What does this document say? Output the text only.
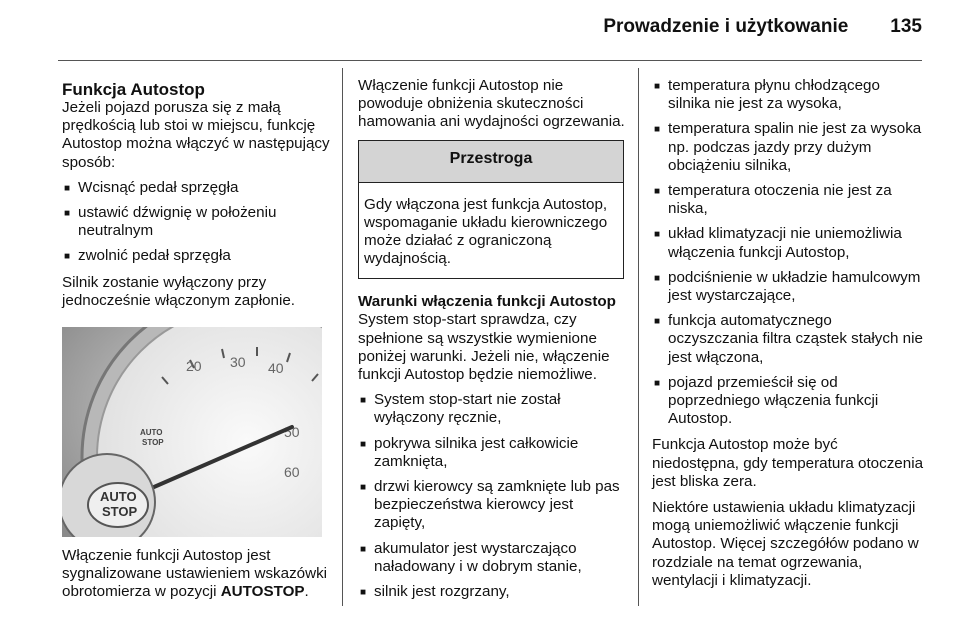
Prowadzenie i użytkowanie 135
Funkcja Autostop

Jeżeli pojazd porusza się z małą prędkością lub stoi w miejscu, funkcję Autostop można włączyć w następujący sposób:

■ Wcisnąć pedał sprzęgła
■ ustawić dźwignię w położeniu neutralnym
■ zwolnić pedał sprzęgła

Silnik zostanie wyłączony przy jednocześnie włączonym zapłonie.

20 30 40
50
60
AUTO
STOP
AUTO
STOP

Włączenie funkcji Autostop jest sygnalizowane ustawieniem wskazówki obrotomierza w pozycji AUTOSTOP.

Włączenie funkcji Autostop nie powoduje obniżenia skuteczności hamowania ani wydajności ogrzewania.

Przestroga
Gdy włączona jest funkcja Autostop, wspomaganie układu kierowniczego może działać z ograniczoną wydajnością.
Warunki włączenia funkcji Autostop

System stop-start sprawdza, czy spełnione są wszystkie wymienione poniżej warunki. Jeżeli nie, włączenie funkcji Autostop będzie niemożliwe.

■ System stop-start nie został wyłączony ręcznie,
■ pokrywa silnika jest całkowicie zamknięta,
■ drzwi kierowcy są zamknięte lub pas bezpieczeństwa kierowcy jest zapięty,
■ akumulator jest wystarczająco naładowany i w dobrym stanie,
■ silnik jest rozgrzany,
■ temperatura płynu chłodzącego silnika nie jest za wysoka,
■ temperatura spalin nie jest za wysoka np. podczas jazdy przy dużym obciążeniu silnika,
■ temperatura otoczenia nie jest za niska,
■ układ klimatyzacji nie uniemożliwia włączenia funkcji Autostop,
■ podciśnienie w układzie hamulcowym jest wystarczające,
■ funkcja automatycznego oczyszczania filtra cząstek stałych nie jest włączona,
■ pojazd przemieścił się od poprzedniego włączenia funkcji Autostop.

Funkcja Autostop może być niedostępna, gdy temperatura otoczenia jest bliska zera.

Niektóre ustawienia układu klimatyzacji mogą uniemożliwić włączenie funkcji Autostop. Więcej szczegółów podano w rozdziale na temat ogrzewania, wentylacji i klimatyzacji.
